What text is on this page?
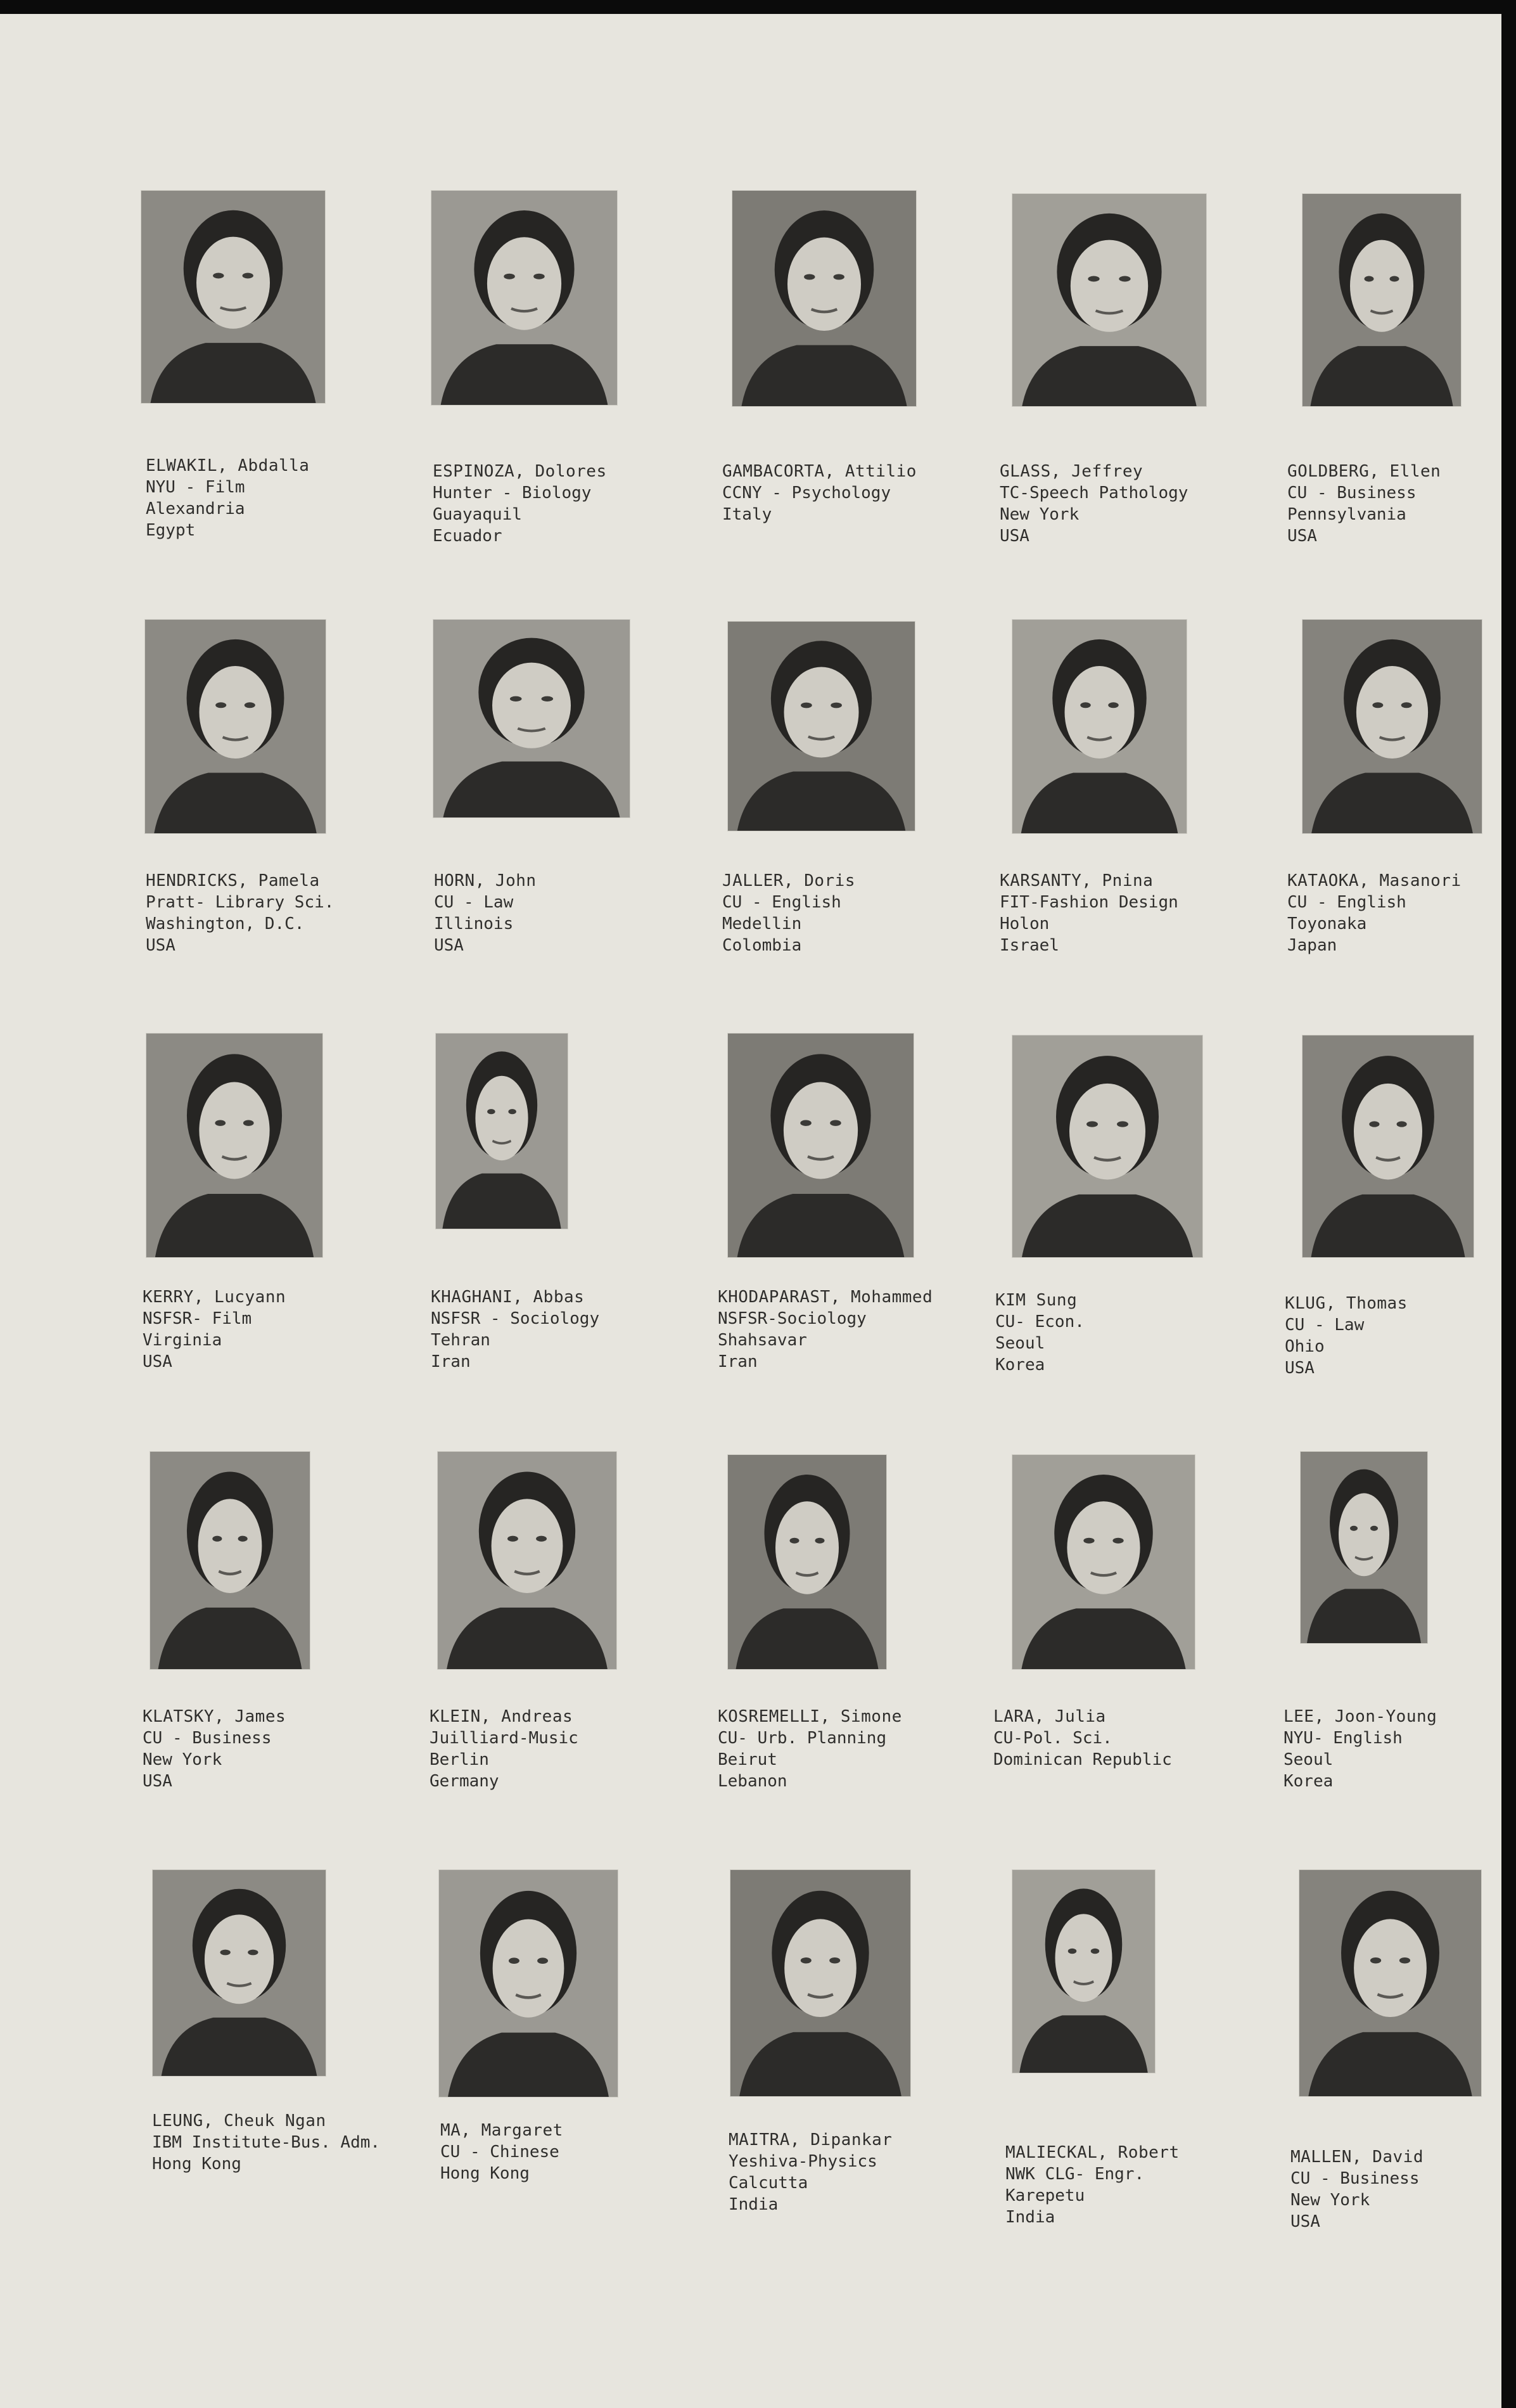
ELWAKIL, Abdalla
NYU - Film
Alexandria
Egypt
ESPINOZA, Dolores
Hunter - Biology
Guayaquil
Ecuador
GAMBACORTA, Attilio
CCNY - Psychology
Italy
GLASS, Jeffrey
TC-Speech Pathology
New York
USA
GOLDBERG, Ellen
CU - Business
Pennsylvania
USA
HENDRICKS, Pamela
Pratt- Library Sci.
Washington, D.C.
USA
HORN, John
CU - Law
Illinois
USA
JALLER, Doris
CU - English
Medellin
Colombia
KARSANTY, Pnina
FIT-Fashion Design
Holon
Israel
KATAOKA, Masanori
CU - English
Toyonaka
Japan
KERRY, Lucyann
NSFSR- Film
Virginia
USA
KHAGHANI, Abbas
NSFSR - Sociology
Tehran
Iran
KHODAPARAST, Mohammed
NSFSR-Sociology
Shahsavar
Iran
KIM Sung
CU- Econ.
Seoul
Korea
KLUG, Thomas
CU - Law
Ohio
USA
KLATSKY, James
CU - Business
New York
USA
KLEIN, Andreas
Juilliard-Music
Berlin
Germany
KOSREMELLI, Simone
CU- Urb. Planning
Beirut
Lebanon
LARA, Julia
CU-Pol. Sci.
Dominican Republic
LEE, Joon-Young
NYU- English
Seoul
Korea
LEUNG, Cheuk Ngan
IBM Institute-Bus. Adm.
Hong Kong
MA, Margaret
CU - Chinese
Hong Kong
MAITRA, Dipankar
Yeshiva-Physics
Calcutta
India
MALIECKAL, Robert
NWK CLG- Engr.
Karepetu
India
MALLEN, David
CU - Business
New York
USA
